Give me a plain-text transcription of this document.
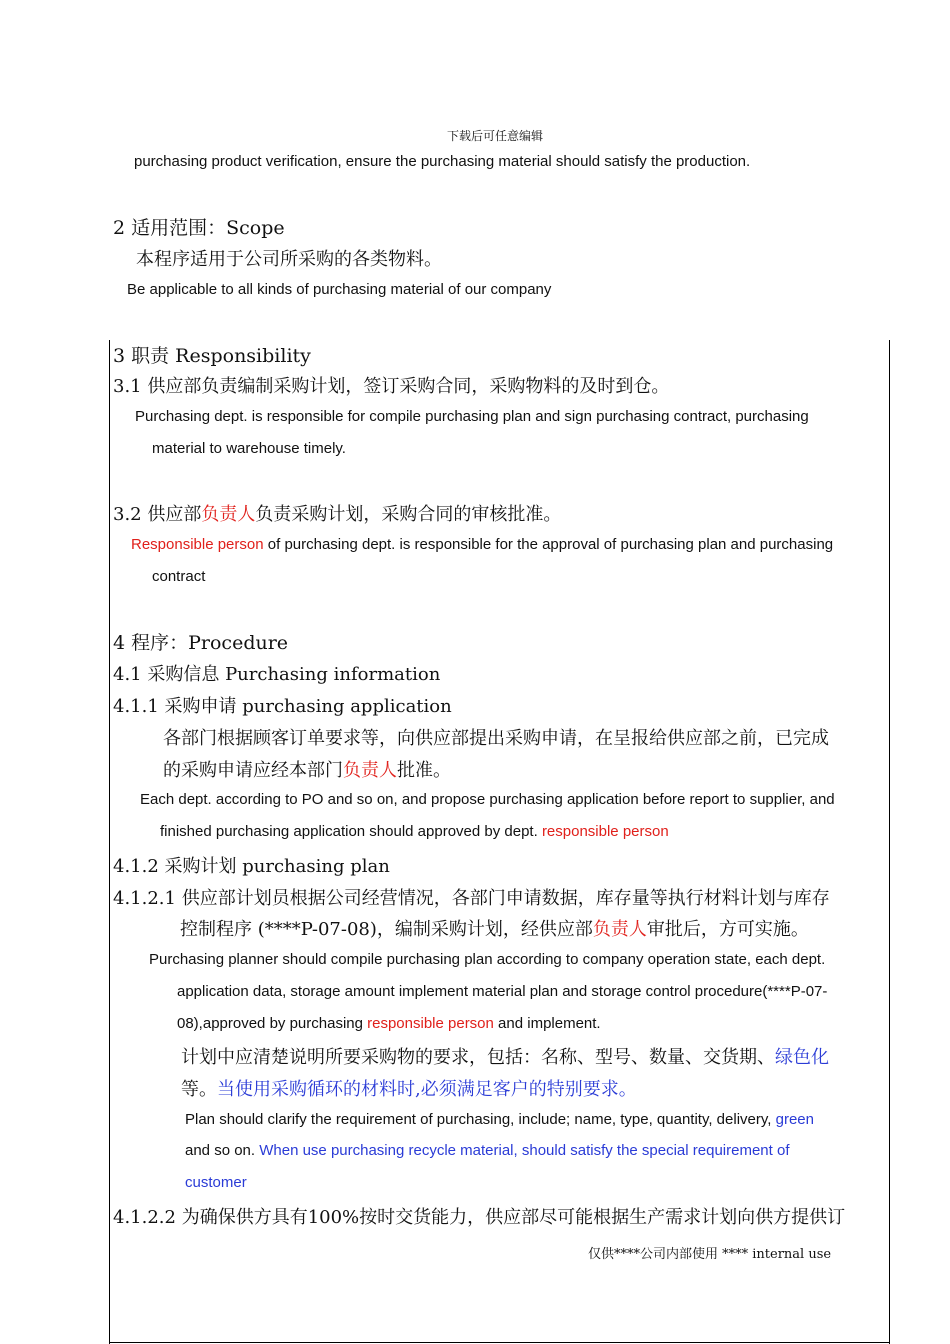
下载后可任意编辑
purchasing product verification, ensure the purchasing material should satisfy the production.
2 适用范围：Scope
本程序适用于公司所采购的各类物料。
Be applicable to all kinds of purchasing material of our company
3 职责 Responsibility
3.1 供应部负责编制采购计划，签订采购合同，采购物料的及时到仓。
Purchasing dept. is responsible for compile purchasing plan and sign purchasing contract, purchasing
material to warehouse timely.
3.2 供应部负责人负责采购计划，采购合同的审核批准。
Responsible person of purchasing dept. is responsible for the approval of purchasing plan and purchasing
contract
4 程序：Procedure
4.1 采购信息 Purchasing information
4.1.1 采购申请 purchasing application
各部门根据顾客订单要求等，向供应部提出采购申请，在呈报给供应部之前，已完成
的采购申请应经本部门负责人批准。
Each dept. according to PO and so on, and propose purchasing application before report to supplier, and
finished purchasing application should approved by dept. responsible person
4.1.2 采购计划 purchasing plan
4.1.2.1 供应部计划员根据公司经营情况，各部门申请数据，库存量等执行材料计划与库存
控制程序 (****P-07-08)，编制采购计划，经供应部负责人审批后，方可实施。
Purchasing planner should compile purchasing plan according to company operation state, each dept.
application data, storage amount implement material plan and storage control procedure(****P-07-
08),approved by purchasing responsible person and implement.
计划中应清楚说明所要采购物的要求，包括：名称、型号、数量、交货期、绿色化
等。当使用采购循环的材料时,必须满足客户的特别要求。
Plan should clarify the requirement of purchasing, include; name, type, quantity, delivery, green
and so on. When use purchasing recycle material, should satisfy the special requirement of
customer
4.1.2.2 为确保供方具有100%按时交货能力，供应部尽可能根据生产需求计划向供方提供订
仅供****公司内部使用 **** internal use
